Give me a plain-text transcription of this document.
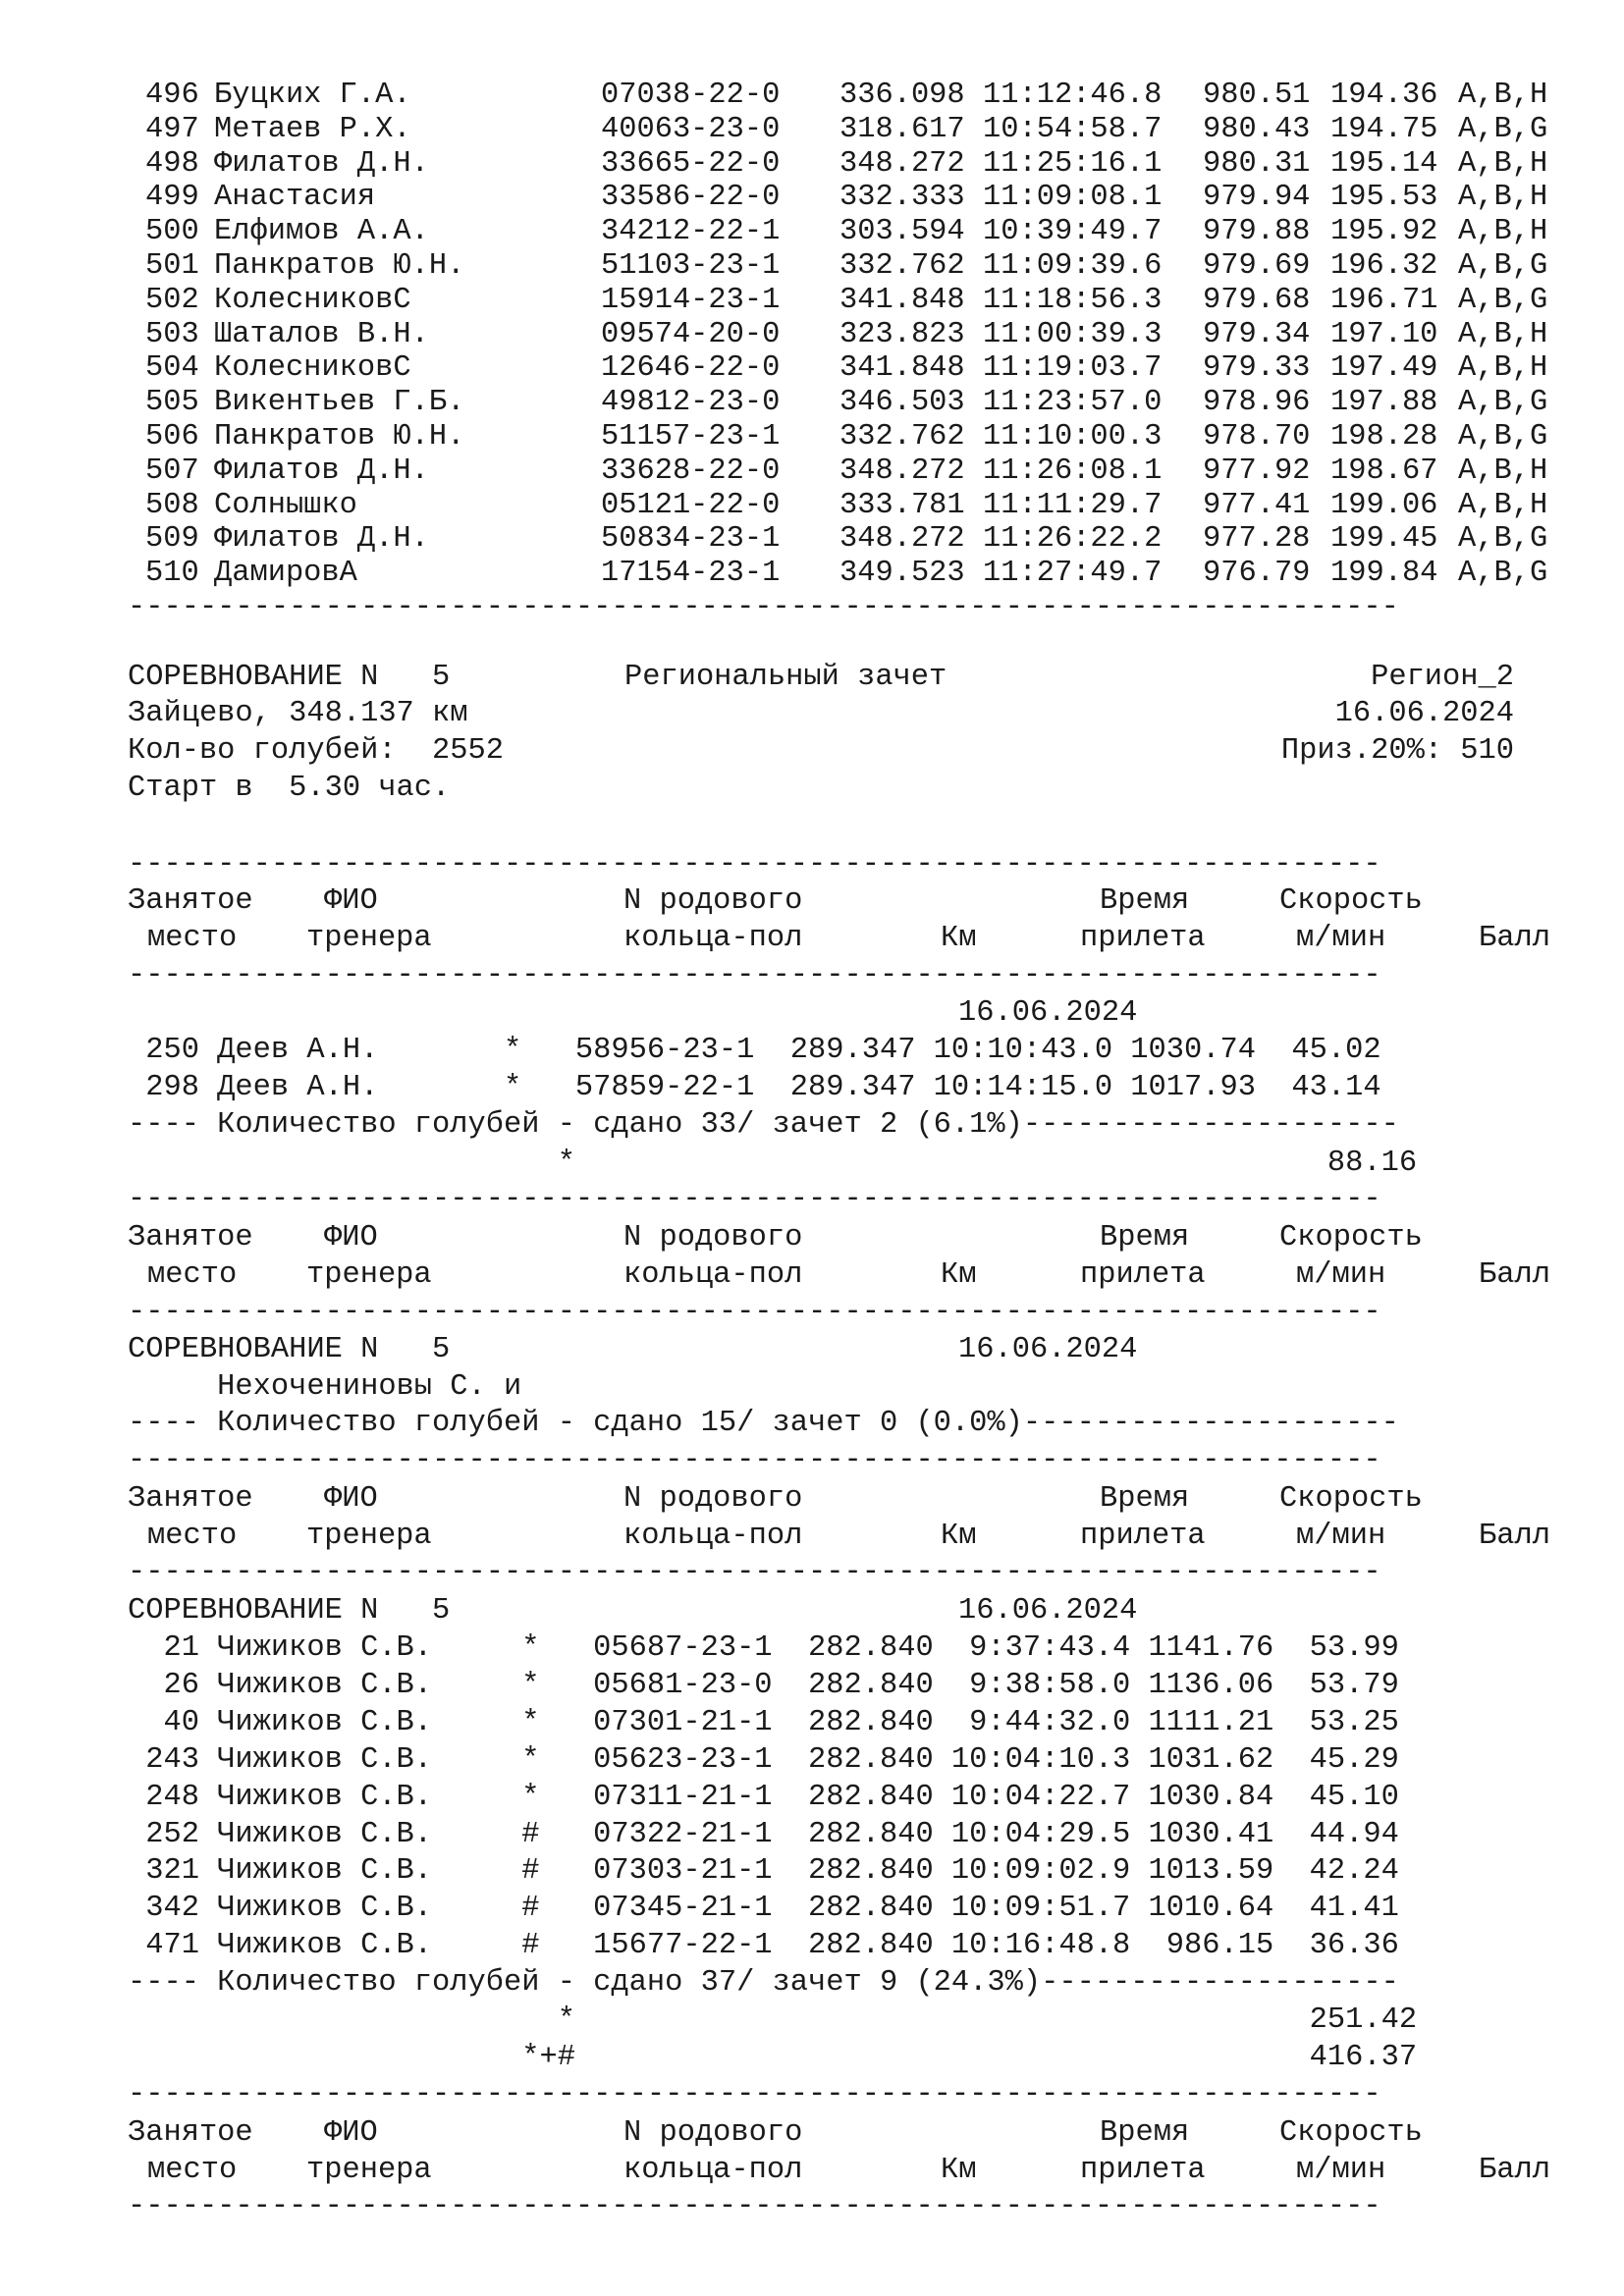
496 Буцких Г.А.	07038-22-0 336.098 11:12:46.8 980.51 194.36 A,B,H
497 Метаев Р.Х.	40063-23-0 318.617 10:54:58.7 980.43 194.75 A,B,G
498 Филатов Д.Н.	33665-22-0 348.272 11:25:16.1 980.31 195.14 A,B,H
499 Анастасия	33586-22-0 332.333 11:09:08.1 979.94 195.53 A,B,H
500 Елфимов А.А.	34212-22-1 303.594 10:39:49.7 979.88 195.92 A,B,H
501 Панкратов Ю.Н.	51103-23-1 332.762 11:09:39.6 979.69 196.32 A,B,G
502 КолесниковС	15914-23-1 341.848 11:18:56.3 979.68 196.71 A,B,G
503 Шаталов В.Н.	09574-20-0 323.823 11:00:39.3 979.34 197.10 A,B,H
504 КолесниковС	12646-22-0 341.848 11:19:03.7 979.33 197.49 A,B,H
505 Викентьев Г.Б.	49812-23-0 346.503 11:23:57.0 978.96 197.88 A,B,G
506 Панкратов Ю.Н.	51157-23-1 332.762 11:10:00.3 978.70 198.28 A,B,G
507 Филатов Д.Н.	33628-22-0 348.272 11:26:08.1 977.92 198.67 A,B,H
508 Солнышко	05121-22-0 333.781 11:11:29.7 977.41 199.06 A,B,H
509 Филатов Д.Н.	50834-23-1 348.272 11:26:22.2 977.28 199.45 A,B,G
510 ДамировА	17154-23-1 349.523 11:27:49.7 976.79 199.84 A,B,G
-----------------------------------------------------------------------
СОРЕВНОВАНИЕ N   5	Региональный зачет	Регион_2
Зайцево, 348.137 км	16.06.2024
Кол-во голубей:  2552	Приз.20%: 510
Старт в  5.30 час.
----------------------------------------------------------------------
Занятое ФИО	N родового	Время	Скорость
место тренера	кольца-пол	Км	прилета	м/мин	Балл
----------------------------------------------------------------------
16.06.2024
250 Деев А.Н.       *   58956-23-1  289.347 10:10:43.0 1030.74  45.02
298 Деев А.Н.       *   57859-22-1  289.347 10:14:15.0 1017.93  43.14
---- Количество голубей - сдано 33/ зачет 2 (6.1%)---------------------
*                                          88.16
----------------------------------------------------------------------
Занятое ФИО	N родового	Время	Скорость
место тренера	кольца-пол	Км	прилета	м/мин	Балл
----------------------------------------------------------------------
СОРЕВНОВАНИЕ N   5	16.06.2024
Нехоченинoвы С. и
---- Количество голубей - сдано 15/ зачет 0 (0.0%)---------------------
----------------------------------------------------------------------
Занятое ФИО	N родового	Время	Скорость
место тренера	кольца-пол	Км	прилета	м/мин	Балл
----------------------------------------------------------------------
СОРЕВНОВАНИЕ N   5	16.06.2024
21 Чижиков С.В.     *   05687-23-1  282.840  9:37:43.4 1141.76  53.99
26 Чижиков С.В.     *   05681-23-0  282.840  9:38:58.0 1136.06  53.79
40 Чижиков С.В.     *   07301-21-1  282.840  9:44:32.0 1111.21  53.25
243 Чижиков С.В.     *   05623-23-1  282.840 10:04:10.3 1031.62  45.29
248 Чижиков С.В.     *   07311-21-1  282.840 10:04:22.7 1030.84  45.10
252 Чижиков С.В.     #   07322-21-1  282.840 10:04:29.5 1030.41  44.94
321 Чижиков С.В.     #   07303-21-1  282.840 10:09:02.9 1013.59  42.24
342 Чижиков С.В.     #   07345-21-1  282.840 10:09:51.7 1010.64  41.41
471 Чижиков С.В.     #   15677-22-1  282.840 10:16:48.8  986.15  36.36
---- Количество голубей - сдано 37/ зачет 9 (24.3%)--------------------
*                                         251.42
*+#                                         416.37
----------------------------------------------------------------------
Занятое ФИО	N родового	Время	Скорость
место тренера	кольца-пол	Км	прилета	м/мин	Балл
----------------------------------------------------------------------
